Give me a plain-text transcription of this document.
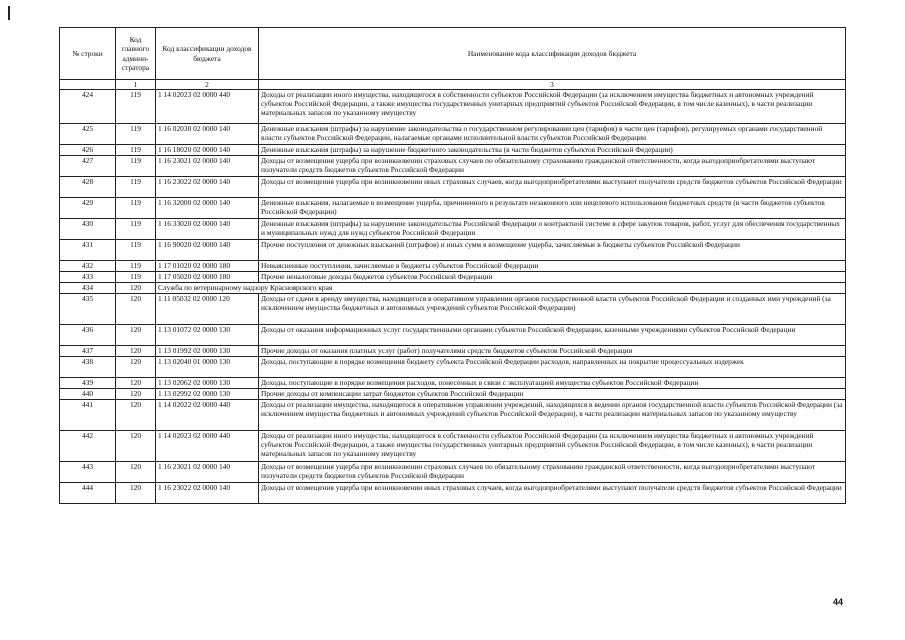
№ строки	Код главного админи-стратора	Код классификации доходов бюджета	Наименование кода классификации доходов бюджета
	1	2	3
424	119	1 14 02023 02 0000 440	Доходы от реализации иного имущества, находящегося в собственности субъектов Российской Федерации (за исключением имущества бюджетных и автономных учреждений субъектов Российской Федерации, а также имущества государственных унитарных предприятий субъектов Российской Федерации, в том числе казенных), в части реализации материальных запасов по указанному имуществу
425	119	1 16 02030 02 0000 140	Денежные взыскания (штрафы) за нарушение законодательства о государственном регулировании цен (тарифов) в части цен (тарифов), регулируемых органами государственной власти субъектов Российской Федерации, налагаемые органами исполнительной власти субъектов Российской Федерации
426	119	1 16 18020 02 0000 140	Денежные взыскания (штрафы) за нарушение бюджетного законодательства (в части бюджетов субъектов Российской Федерации)
427	119	1 16 23021 02 0000 140	Доходы от возмещения ущерба при возникновении страховых случаев по обязательному страхованию гражданской ответственности, когда выгодоприобретателями выступают получатели средств бюджетов субъектов Российской Федерации
428	119	1 16 23022 02 0000 140	Доходы от возмещения ущерба при возникновении иных страховых случаев, когда выгодоприобретателями выступают получатели средств бюджетов субъектов Российской Федерации
429	119	1 16 32000 02 0000 140	Денежные взыскания, налагаемые в возмещение ущерба, причиненного в результате незаконного или нецелевого использования бюджетных средств (в части бюджетов субъектов Российской Федерации)
430	119	1 16 33020 02 0000 140	Денежные взыскания (штрафы) за нарушение законодательства Российской Федерации о контрактной системе в сфере закупок товаров, работ, услуг для обеспечения государственных и муниципальных нужд для нужд субъектов Российской Федерации
431	119	1 16 90020 02 0000 140	Прочие поступления от денежных взысканий (штрафов) и иных сумм в возмещение ущерба, зачисляемые в бюджеты субъектов Российской Федерации
432	119	1 17 01020 02 0000 180	Невыясненные поступления, зачисляемые в бюджеты субъектов Российской Федерации
433	119	1 17 05020 02 0000 180	Прочие неналоговые доходы бюджетов субъектов Российской Федерации
434	120	Служба по ветеринарному надзору Красноярского края	
435	120	1 11 05032 02 0000 120	Доходы от сдачи в аренду имущества, находящегося в оперативном управлении органов государственной власти субъектов Российской Федерации и созданных ими учреждений (за исключением имущества бюджетных и автономных учреждений субъектов Российской Федерации)
436	120	1 13 01072 02 0000 130	Доходы от оказания информационных услуг государственными органами субъектов Российской Федерации, казенными учреждениями субъектов Российской Федерации
437	120	1 13 01992 02 0000 130	Прочие доходы от оказания платных услуг (работ) получателями средств бюджетов субъектов Российской Федерации
438	120	1 13 02040 01 0000 130	Доходы, поступающие в порядке возмещения бюджету субъекта Российской Федерации расходов, направленных на покрытие процессуальных издержек
439	120	1 13 02062 02 0000 130	Доходы, поступающие в порядке возмещения расходов, понесенных в связи с эксплуатацией имущества субъектов Российской Федерации
440	120	1 13 02992 02 0000 130	Прочие доходы от компенсации затрат бюджетов субъектов Российской Федерации
441	120	1 14 02022 02 0000 440	Доходы от реализации имущества, находящегося в оперативном управлении учреждений, находящихся в ведении органов государственной власти субъектов Российской Федерации (за исключением имущества бюджетных и автономных учреждений субъектов Российской Федерации), в части реализации материальных запасов по указанному имуществу
442	120	1 14 02023 02 0000 440	Доходы от реализации иного имущества, находящегося в собственности субъектов Российской Федерации (за исключением имущества бюджетных и автономных учреждений субъектов Российской Федерации, а также имущества государственных унитарных предприятий субъектов Российской Федерации, в том числе казенных), в части реализации материальных запасов по указанному имуществу
443	120	1 16 23021 02 0000 140	Доходы от возмещения ущерба при возникновении страховых случаев по обязательному страхованию гражданской ответственности, когда выгодоприобретателями выступают получатели средств бюджетов субъектов Российской Федерации
444	120	1 16 23022 02 0000 140	Доходы от возмещения ущерба при возникновении иных страховых случаев, когда выгодоприобретателями выступают получатели средств бюджетов субъектов Российской Федерации
44
